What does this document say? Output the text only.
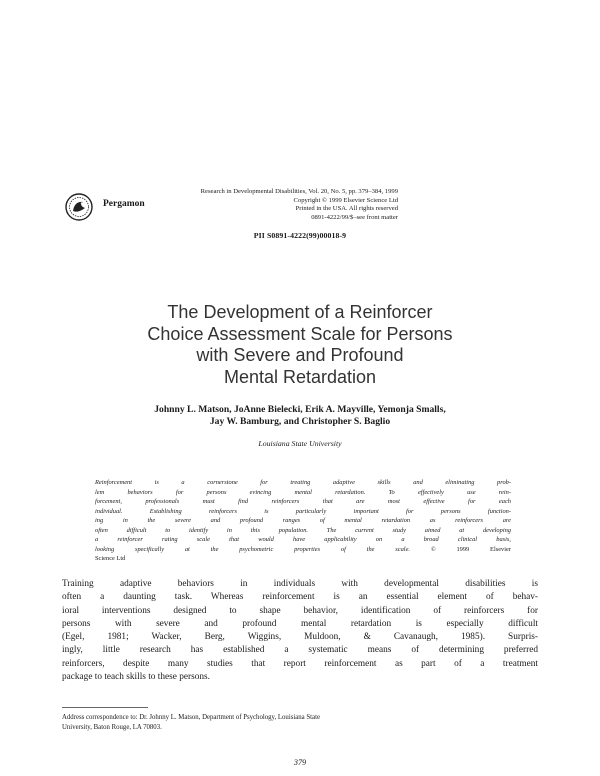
Pergamon
Research in Developmental Disabilities, Vol. 20, No. 5, pp. 379–384, 1999
Copyright © 1999 Elsevier Science Ltd
Printed in the USA. All rights reserved
0891-4222/99/$–see front matter
PII S0891-4222(99)00018-9
The Development of a Reinforcer
Choice Assessment Scale for Persons
with Severe and Profound
Mental Retardation
Johnny L. Matson, JoAnne Bielecki, Erik A. Mayville, Yemonja Smalls,
Jay W. Bamburg, and Christopher S. Baglio
Louisiana State University
Reinforcement is a cornerstone for treating adaptive skills and eliminating prob-
lem behaviors for persons evincing mental retardation. To effectively use rein-
forcement, professionals must find reinforcers that are most effective for each
individual. Establishing reinforcers is particularly important for persons function-
ing in the severe and profound ranges of mental retardation as reinforcers are
often difficult to identify in this population. The current study aimed at developing
a reinforcer rating scale that would have applicability on a broad clinical basis,
looking specifically at the psychometric properties of the scale.	© 1999 Elsevier
Science Ltd
Training adaptive behaviors in individuals with developmental disabilities is
often a daunting task. Whereas reinforcement is an essential element of behav-
ioral interventions designed to shape behavior, identification of reinforcers for
persons with severe and profound mental retardation is especially difficult
(Egel, 1981; Wacker, Berg, Wiggins, Muldoon, & Cavanaugh, 1985). Surpris-
ingly, little research has established a systematic means of determining preferred
reinforcers, despite many studies that report reinforcement as part of a treatment
package to teach skills to these persons.
Address correspondence to: Dr. Johnny L. Matson, Department of Psychology, Louisiana State
University, Baton Rouge, LA 70803.
379
